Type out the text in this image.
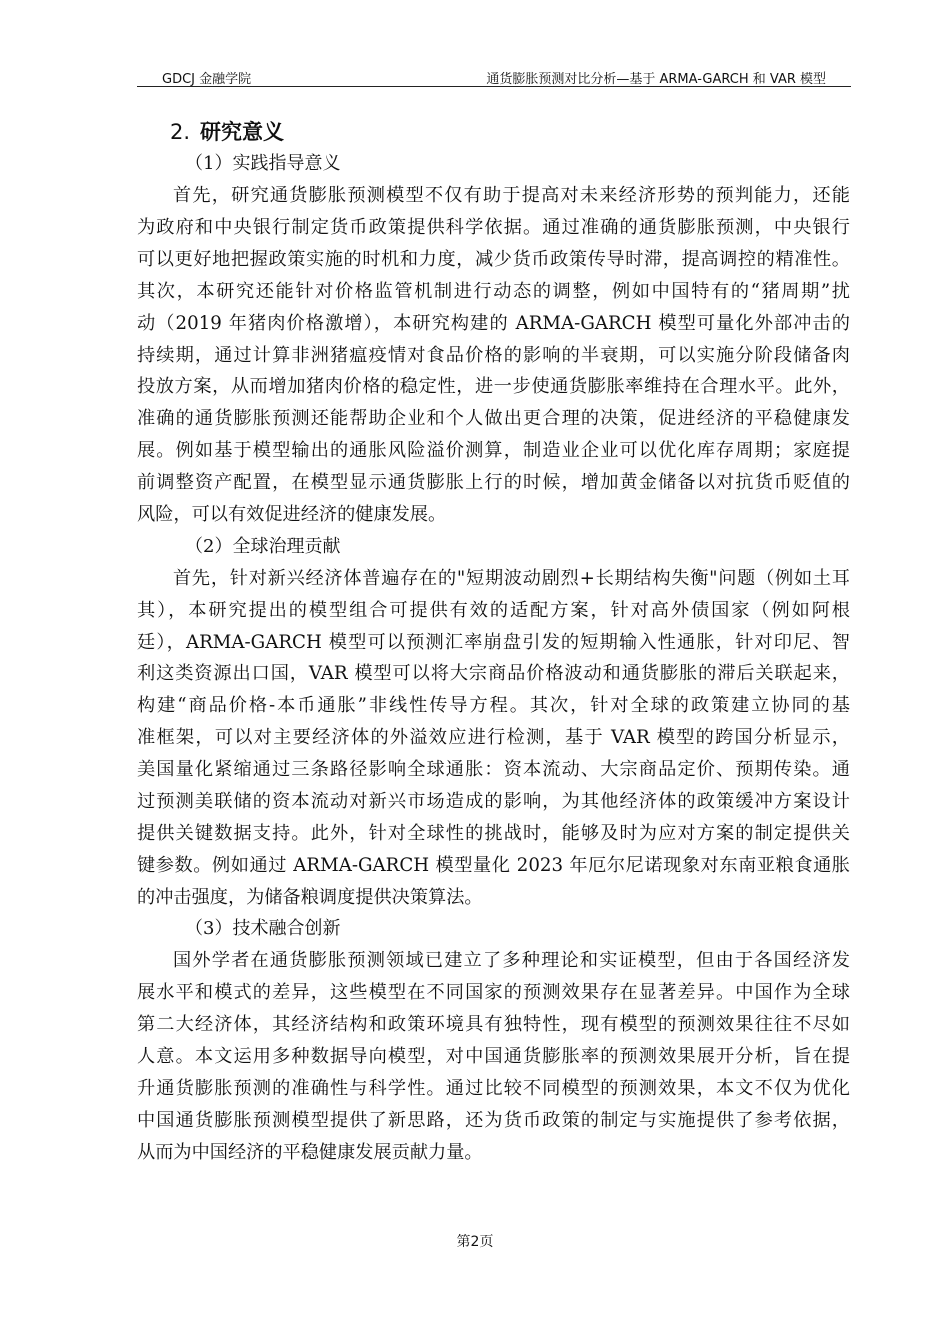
GDCJ 金融学院	通货膨胀预测对比分析—基于 ARMA-GARCH 和 VAR 模型
2. 研究意义
（1）实践指导意义
首先，研究通货膨胀预测模型不仅有助于提高对未来经济形势的预判能力，还能
为政府和中央银行制定货币政策提供科学依据。通过准确的通货膨胀预测，中央银行
可以更好地把握政策实施的时机和力度，减少货币政策传导时滞，提高调控的精准性。
其次，本研究还能针对价格监管机制进行动态的调整，例如中国特有的“猪周期”扰
动（2019 年猪肉价格激增），本研究构建的 ARMA-GARCH 模型可量化外部冲击的
持续期，通过计算非洲猪瘟疫情对食品价格的影响的半衰期，可以实施分阶段储备肉
投放方案，从而增加猪肉价格的稳定性，进一步使通货膨胀率维持在合理水平。此外，
准确的通货膨胀预测还能帮助企业和个人做出更合理的决策，促进经济的平稳健康发
展。例如基于模型输出的通胀风险溢价测算，制造业企业可以优化库存周期；家庭提
前调整资产配置，在模型显示通货膨胀上行的时候，增加黄金储备以对抗货币贬值的
风险，可以有效促进经济的健康发展。
（2）全球治理贡献
首先，针对新兴经济体普遍存在的"短期波动剧烈+长期结构失衡"问题（例如土耳
其），本研究提出的模型组合可提供有效的适配方案，针对高外债国家（例如阿根
廷），ARMA-GARCH 模型可以预测汇率崩盘引发的短期输入性通胀，针对印尼、智
利这类资源出口国，VAR 模型可以将大宗商品价格波动和通货膨胀的滞后关联起来，
构建“商品价格-本币通胀”非线性传导方程。其次，针对全球的政策建立协同的基
准框架，可以对主要经济体的外溢效应进行检测，基于 VAR 模型的跨国分析显示，
美国量化紧缩通过三条路径影响全球通胀：资本流动、大宗商品定价、预期传染。通
过预测美联储的资本流动对新兴市场造成的影响，为其他经济体的政策缓冲方案设计
提供关键数据支持。此外，针对全球性的挑战时，能够及时为应对方案的制定提供关
键参数。例如通过 ARMA-GARCH 模型量化 2023 年厄尔尼诺现象对东南亚粮食通胀
的冲击强度，为储备粮调度提供决策算法。
（3）技术融合创新
国外学者在通货膨胀预测领域已建立了多种理论和实证模型，但由于各国经济发
展水平和模式的差异，这些模型在不同国家的预测效果存在显著差异。中国作为全球
第二大经济体，其经济结构和政策环境具有独特性，现有模型的预测效果往往不尽如
人意。本文运用多种数据导向模型，对中国通货膨胀率的预测效果展开分析，旨在提
升通货膨胀预测的准确性与科学性。通过比较不同模型的预测效果，本文不仅为优化
中国通货膨胀预测模型提供了新思路，还为货币政策的制定与实施提供了参考依据，
从而为中国经济的平稳健康发展贡献力量。
第2页
